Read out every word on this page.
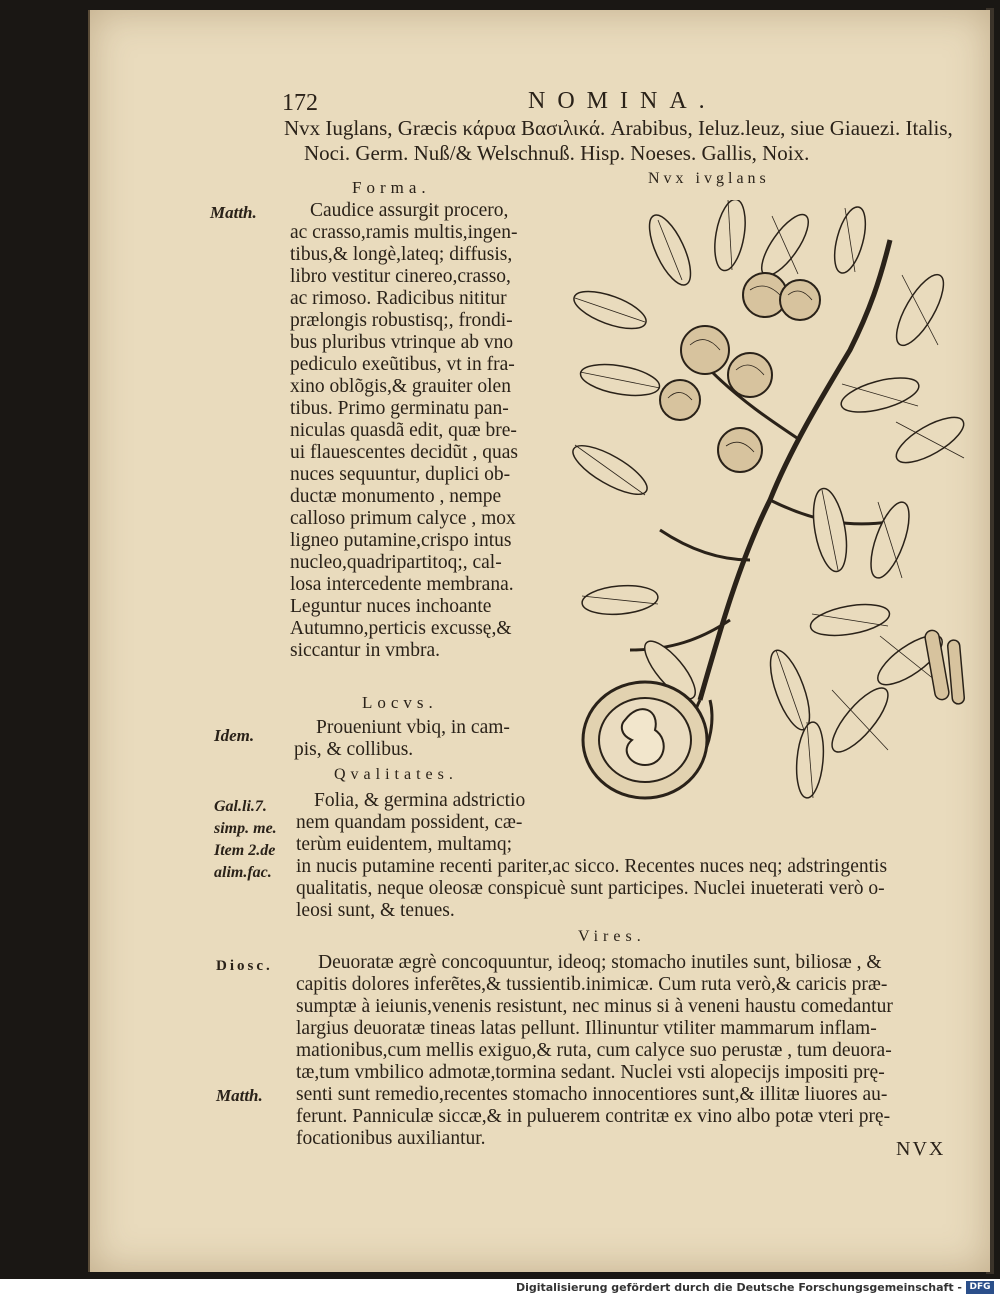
172	NOMINA.
Nvx Iuglans, Græcis κάρυα Βασιλικά. Arabibus, Ieluz.leuz, siue Giauezi. Italis,
Noci. Germ. Nuß/& Welschnuß. Hisp. Noeses. Gallis, Noix.
Nvx ivglans
Forma.
Matth.	Caudice assurgit procero,
ac crasso,ramis multis,ingen-
tibus,& longè,lateq; diffusis,
libro vestitur cinereo,crasso,
ac rimoso. Radicibus nititur
prælongis robustisq;, frondi-
bus pluribus vtrinque ab vno
pediculo exeũtibus, vt in fra-
xino oblõgis,& grauiter olen
tibus. Primo germinatu pan-
niculas quasdã edit, quæ bre-
ui flauescentes decidũt , quas
nuces sequuntur, duplici ob-
ductæ monumento , nempe
calloso primum calyce , mox
ligneo putamine,crispo intus
nucleo,quadripartitoq;, cal-
losa intercedente membrana.
Leguntur nuces inchoante
Autumno,perticis excussę,&
siccantur in vmbra.
Locvs.
Idem.	Proueniunt vbiq, in cam-
pis, & collibus.
Qvalitates.
Gal.li.7.
simp. me.
Item 2.de
alim.fac.
Folia, & germina adstrictio
nem quandam possident, cæ-
terùm euidentem, multamq;
in nucis putamine recenti pariter,ac sicco. Recentes nuces neq; adstringentis
qualitatis, neque oleosæ conspicuè sunt participes. Nuclei inueterati verò o-
leosi sunt, & tenues.
Vires.
Diosc.
Matth.
Deuoratæ ægrè concoquuntur, ideoq; stomacho inutiles sunt, biliosæ , &
capitis dolores inferẽtes,& tussientib.inimicæ. Cum ruta verò,& caricis præ-
sumptæ à ieiunis,venenis resistunt, nec minus si à veneni haustu comedantur
largius deuoratæ tineas latas pellunt. Illinuntur vtiliter mammarum inflam-
mationibus,cum mellis exiguo,& ruta, cum calyce suo perustæ , tum deuora-
tæ,tum vmbilico admotæ,tormina sedant. Nuclei vsti alopecijs impositi prę-
senti sunt remedio,recentes stomacho innocentiores sunt,& illitæ liuores au-
ferunt. Panniculæ siccæ,& in puluerem contritæ ex vino albo potæ vteri prę-
focationibus auxiliantur.	NVX
Digitalisierung gefördert durch die Deutsche Forschungsgemeinschaft - DFG
